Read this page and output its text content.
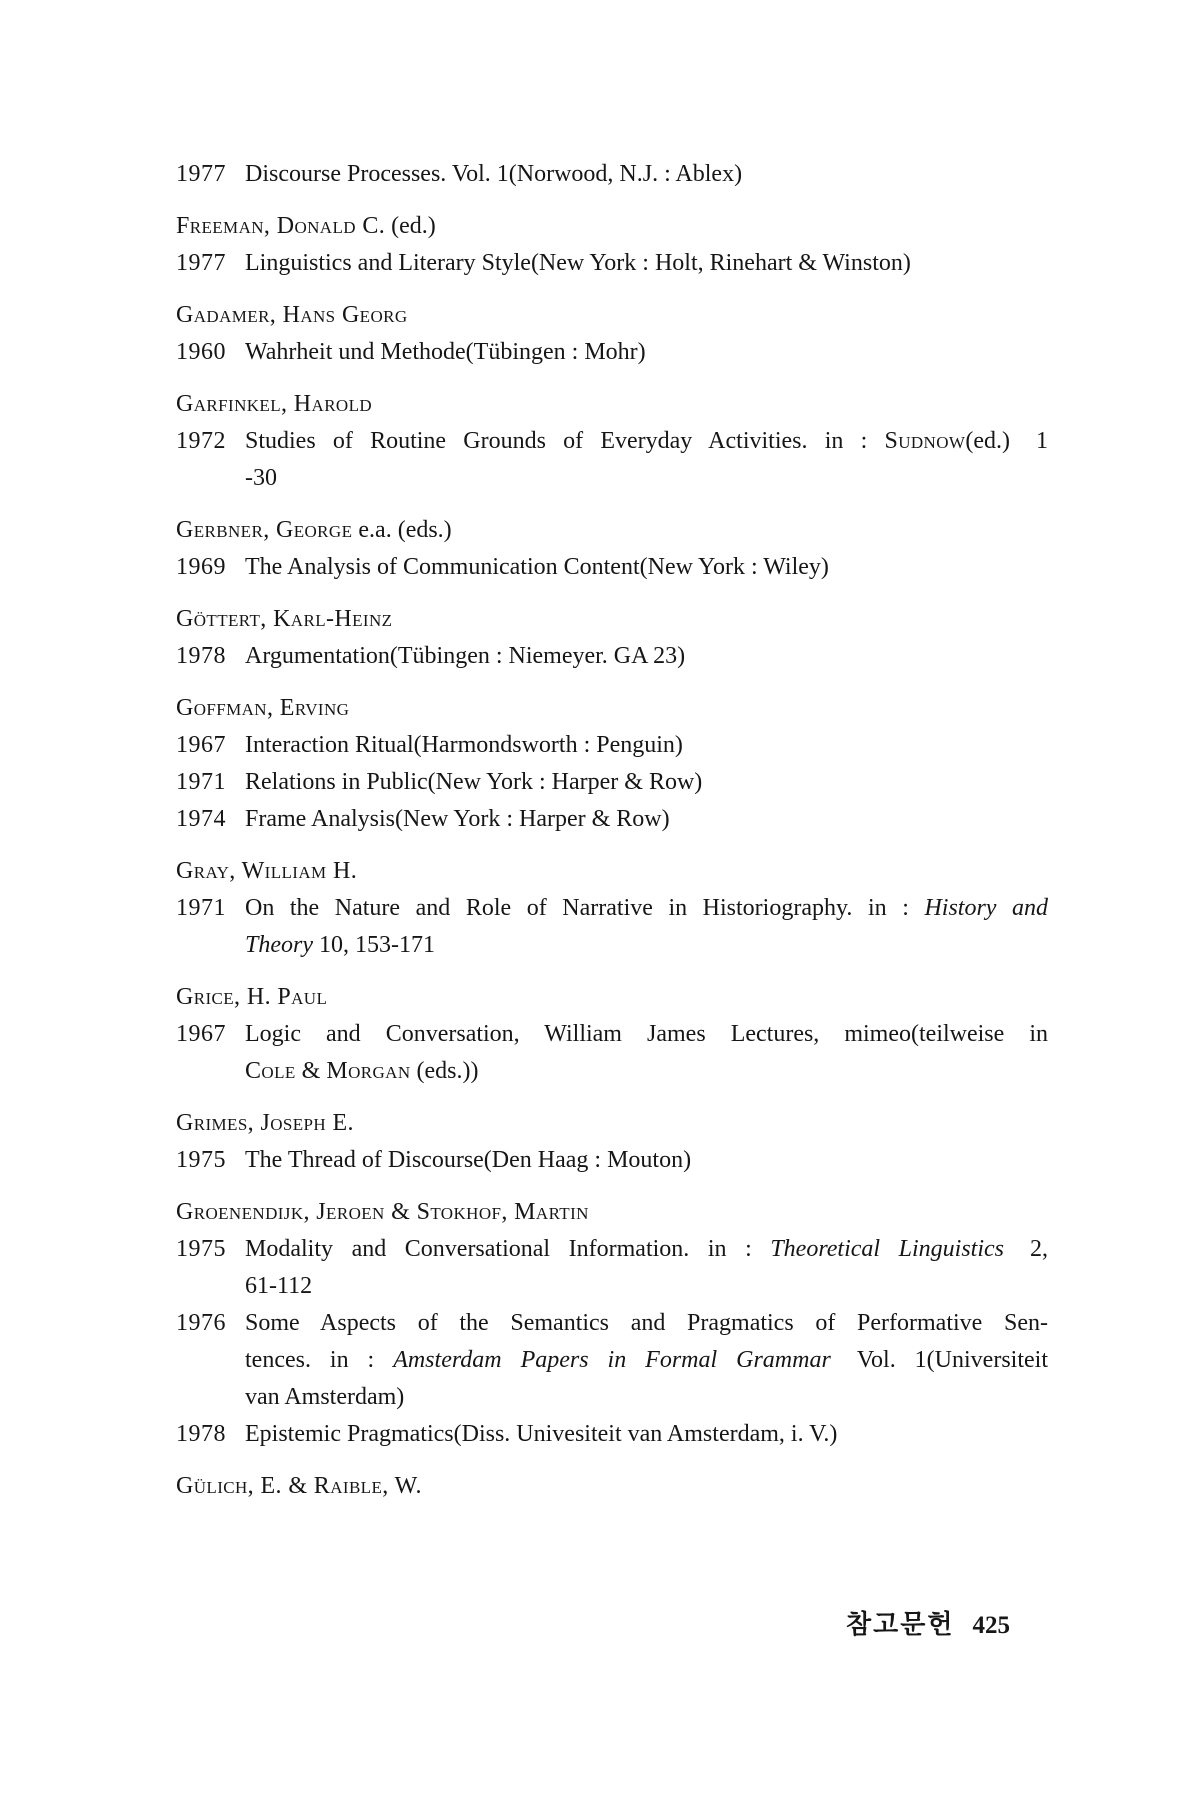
1977 Discourse Processes. Vol. 1(Norwood, N.J. : Ablex)
Freeman, Donald C. (ed.)
1977 Linguistics and Literary Style(New York : Holt, Rinehart & Winston)
Gadamer, Hans Georg
1960 Wahrheit und Methode(Tübingen : Mohr)
Garfinkel, Harold
1972 Studies of Routine Grounds of Everyday Activities. in : Sudnow(ed.) 1
-30
Gerbner, George e.a. (eds.)
1969 The Analysis of Communication Content(New York : Wiley)
Göttert, Karl-Heinz
1978 Argumentation(Tübingen : Niemeyer. GA 23)
Goffman, Erving
1967 Interaction Ritual(Harmondsworth : Penguin)
1971 Relations in Public(New York : Harper & Row)
1974 Frame Analysis(New York : Harper & Row)
Gray, William H.
1971 On the Nature and Role of Narrative in Historiography. in : History and
Theory 10, 153-171
Grice, H. Paul
1967 Logic and Conversation, William James Lectures, mimeo(teilweise in
Cole & Morgan (eds.))
Grimes, Joseph E.
1975 The Thread of Discourse(Den Haag : Mouton)
Groenendijk, Jeroen & Stokhof, Martin
1975 Modality and Conversational Information. in : Theoretical Linguistics 2,
61-112
1976 Some Aspects of the Semantics and Pragmatics of Performative Sen-
tences. in : Amsterdam Papers in Formal Grammar Vol. 1(Universiteit
van Amsterdam)
1978 Epistemic Pragmatics(Diss. Univesiteit van Amsterdam, i. V.)
Gülich, E. & Raible, W.
참고문헌 425
